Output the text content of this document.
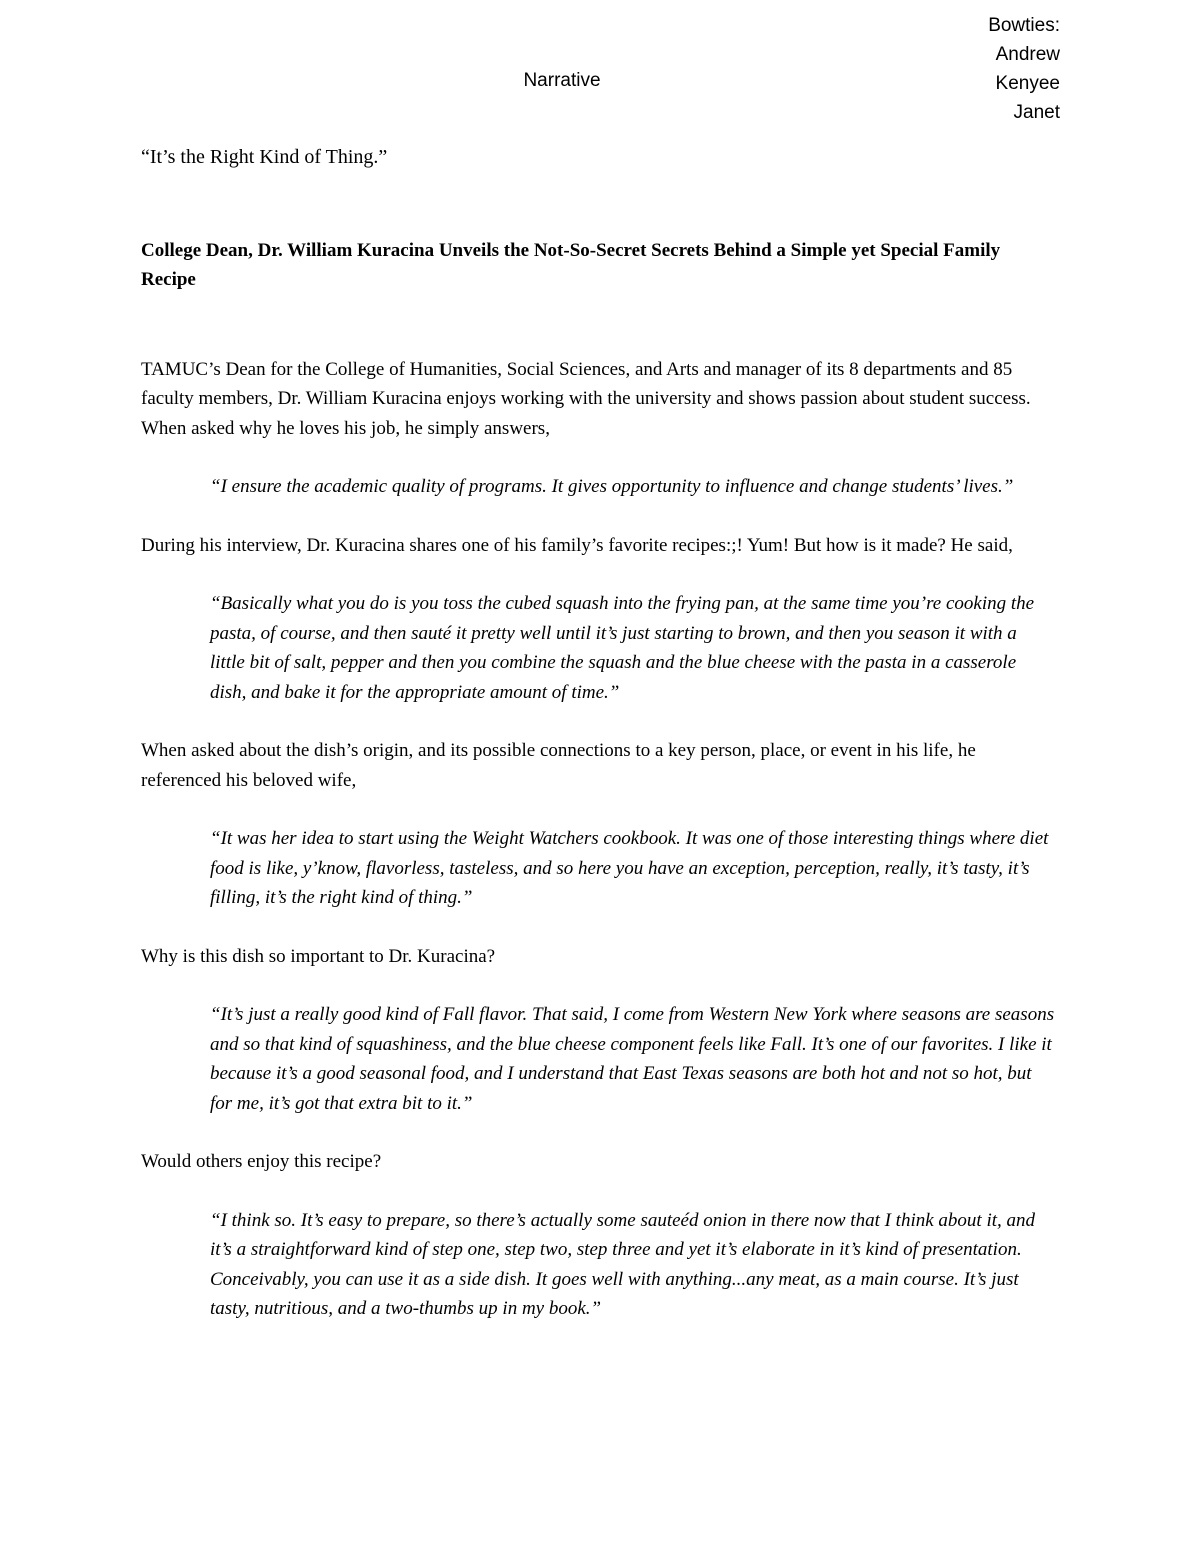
Narrative
Bowties:
Andrew
Kenyee
Janet

“It’s the Right Kind of Thing.”

College Dean, Dr. William Kuracina Unveils the Not-So-Secret Secrets Behind a Simple yet Special Family Recipe

TAMUC’s Dean for the College of Humanities, Social Sciences, and Arts and manager of its 8 departments and 85 faculty members, Dr. William Kuracina enjoys working with the university and shows passion about student success. When asked why he loves his job, he simply answers,

“I ensure the academic quality of programs. It gives opportunity to influence and change students’ lives.”

During his interview, Dr. Kuracina shares one of his family’s favorite recipes:;! Yum! But how is it made? He said,

“Basically what you do is you toss the cubed squash into the frying pan, at the same time you’re cooking the pasta, of course, and then sauté it pretty well until it’s just starting to brown, and then you season it with a little bit of salt, pepper and then you combine the squash and the blue cheese with the pasta in a casserole dish, and bake it for the appropriate amount of time.”

When asked about the dish’s origin, and its possible connections to a key person, place, or event in his life, he referenced his beloved wife,

“It was her idea to start using the Weight Watchers cookbook. It was one of those interesting things where diet food is like, y’know, flavorless, tasteless, and so here you have an exception, perception, really, it’s tasty, it’s filling, it’s the right kind of thing.”

Why is this dish so important to Dr. Kuracina?

“It’s just a really good kind of Fall flavor. That said, I come from Western New York where seasons are seasons and so that kind of squashiness, and the blue cheese component feels like Fall. It’s one of our favorites. I like it because it’s a good seasonal food, and I understand that East Texas seasons are both hot and not so hot, but for me, it’s got that extra bit to it.”

Would others enjoy this recipe?

“I think so. It’s easy to prepare, so there’s actually some sauteéd onion in there now that I think about it, and it’s a straightforward kind of step one, step two, step three and yet it’s elaborate in it’s kind of presentation. Conceivably, you can use it as a side dish. It goes well with anything...any meat, as a main course. It’s just tasty, nutritious, and a two-thumbs up in my book.”
